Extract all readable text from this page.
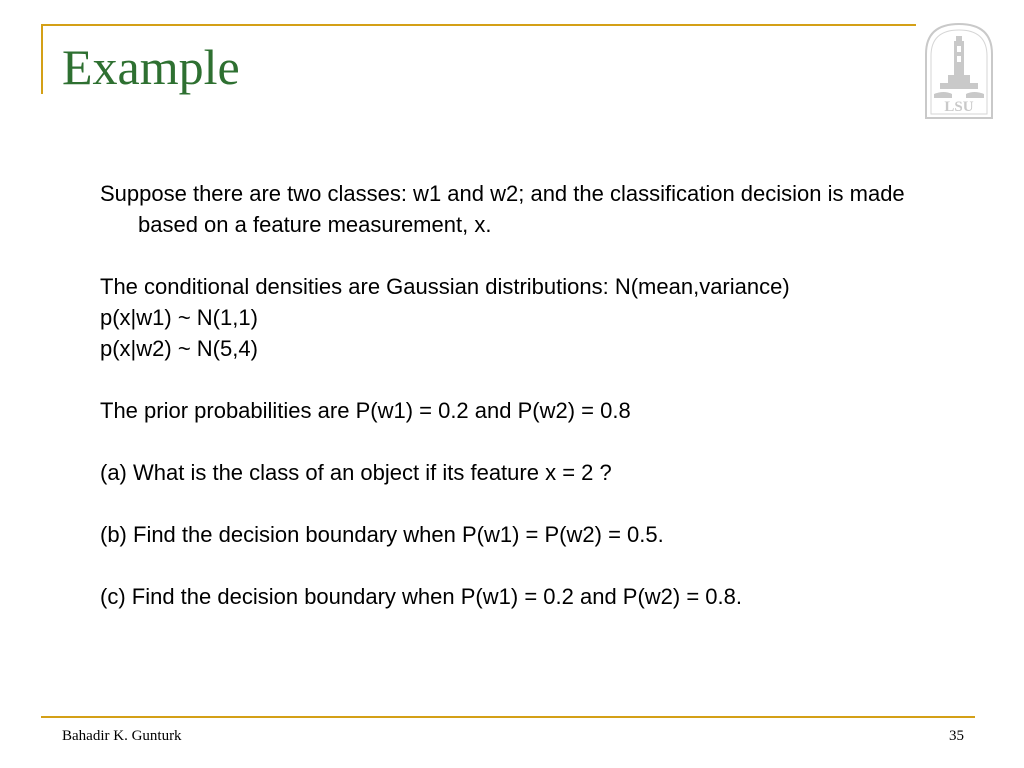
Example
LSU

Suppose there are two classes: w1 and w2; and the classification decision is made based on a feature measurement, x.

The conditional densities are Gaussian distributions: N(mean,variance)

p(x|w1) ~ N(1,1)

p(x|w2) ~ N(5,4)

The prior probabilities are P(w1) = 0.2 and P(w2) = 0.8

(a) What is the class of an object if its feature x = 2 ?

(b) Find the decision boundary when P(w1) = P(w2) = 0.5.

(c) Find the decision boundary when P(w1) = 0.2 and P(w2) = 0.8.

Bahadir K. Gunturk	35
